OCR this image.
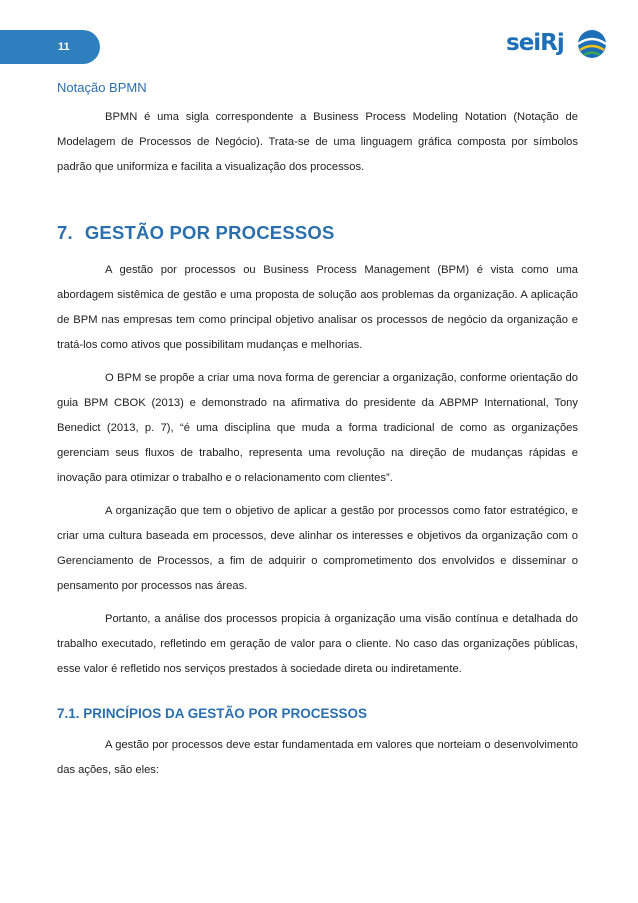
11	seiRj
Notação BPMN

BPMN é uma sigla correspondente a Business Process Modeling Notation (Notação de Modelagem de Processos de Negócio). Trata-se de uma linguagem gráfica composta por símbolos padrão que uniformiza e facilita a visualização dos processos.

7. GESTÃO POR PROCESSOS

A gestão por processos ou Business Process Management (BPM) é vista como uma abordagem sistêmica de gestão e uma proposta de solução aos problemas da organização. A aplicação de BPM nas empresas tem como principal objetivo analisar os processos de negócio da organização e tratá-los como ativos que possibilitam mudanças e melhorias.

O BPM se propõe a criar uma nova forma de gerenciar a organização, conforme orientação do guia BPM CBOK (2013) e demonstrado na afirmativa do presidente da ABPMP International, Tony Benedict (2013, p. 7), “é uma disciplina que muda a forma tradicional de como as organizações gerenciam seus fluxos de trabalho, representa uma revolução na direção de mudanças rápidas e inovação para otimizar o trabalho e o relacionamento com clientes”.

A organização que tem o objetivo de aplicar a gestão por processos como fator estratégico, e criar uma cultura baseada em processos, deve alinhar os interesses e objetivos da organização com o Gerenciamento de Processos, a fim de adquirir o comprometimento dos envolvidos e disseminar o pensamento por processos nas áreas.

Portanto, a análise dos processos propicia à organização uma visão contínua e detalhada do trabalho executado, refletindo em geração de valor para o cliente. No caso das organizações públicas, esse valor é refletido nos serviços prestados à sociedade direta ou indiretamente.

7.1. PRINCÍPIOS DA GESTÃO POR PROCESSOS

A gestão por processos deve estar fundamentada em valores que norteiam o desenvolvimento das ações, são eles:
